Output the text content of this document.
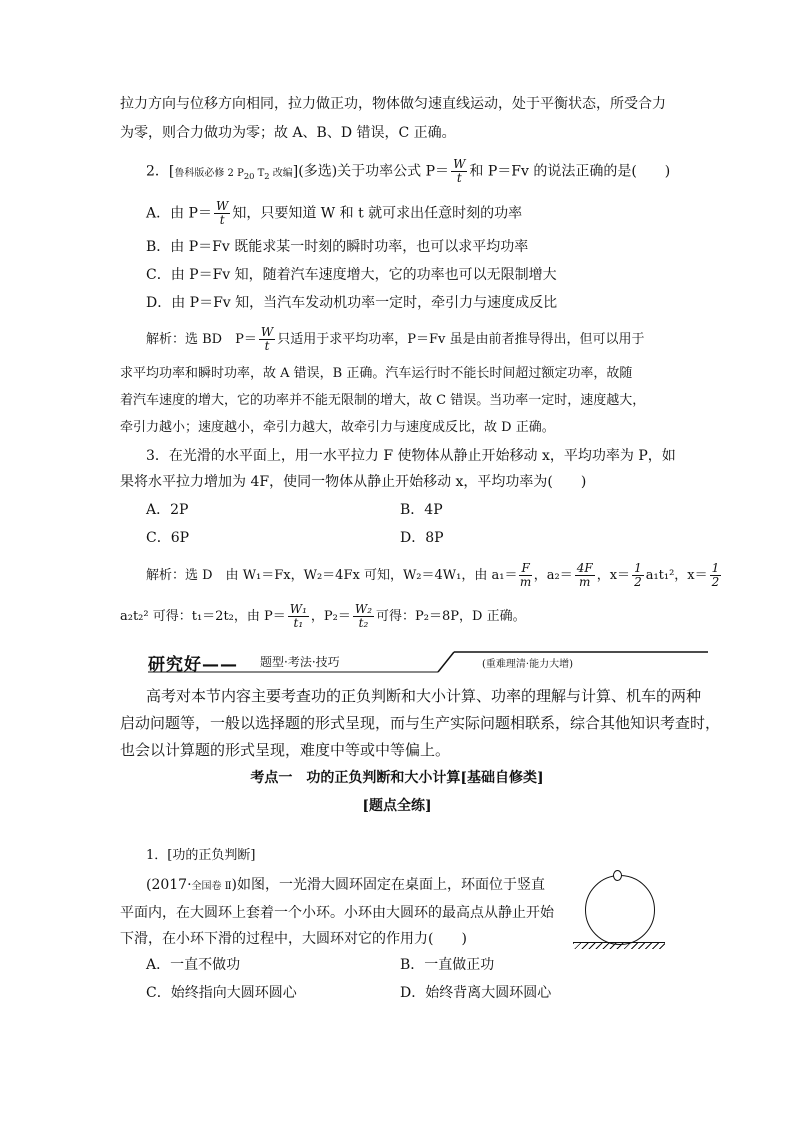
拉力方向与位移方向相同，拉力做正功，物体做匀速直线运动，处于平衡状态，所受合力
为零，则合力做功为零；故 A、B、D 错误，C 正确。
2．[鲁科版必修 2 $P_{20}$ $T_2$ 改编](多选)关于功率公式 $P= \frac{W}{t}$ 和 P＝Fv 的说法正确的是(　　)
A．由 $P= \frac{W}{t}$ 知，只要知道 W 和 t 就可求出任意时刻的功率
B．由 P＝Fv 既能求某一时刻的瞬时功率，也可以求平均功率
C．由 P＝Fv 知，随着汽车速度增大，它的功率也可以无限制增大
D．由 P＝Fv 知，当汽车发动机功率一定时，牵引力与速度成反比
解析：选 BD　$P= \frac{W}{t}$ 只适用于求平均功率，P＝Fv 虽是由前者推导得出，但可以用于
求平均功率和瞬时功率，故 A 错误，B 正确。汽车运行时不能长时间超过额定功率，故随
着汽车速度的增大，它的功率并不能无限制的增大，故 C 错误。当功率一定时，速度越大，
牵引力越小；速度越小，牵引力越大，故牵引力与速度成反比，故 D 正确。
3．在光滑的水平面上，用一水平拉力 F 使物体从静止开始移动 x，平均功率为 P，如
果将水平拉力增加为 4F，使同一物体从静止开始移动 x，平均功率为(　　)
A．2P	B．4P
C．6P	D．8P
解析：选 D　由 W₁＝Fx，W₂＝4Fx 可知，W₂＝4W₁，由 $a_1= \frac{F}{m}$ ，$a_2= \frac{4F}{m}$ ，$x= \frac{1}{2} a_1t_1^2$，$x= \frac{1}{2}$
a₂t₂² 可得：t₁＝2t₂，由 $P= \frac{\text{W₁}}{\text{t₁}}$ ，$P_2= \frac{\text{W₂}}{\text{t₂}}$ 可得：P₂＝8P，D 正确。
研究好—— 题型·考法·技巧	(重难理清·能力大增)
高考对本节内容主要考查功的正负判断和大小计算、功率的理解与计算、机车的两种
启动问题等，一般以选择题的形式呈现，而与生产实际问题相联系，综合其他知识考查时，
也会以计算题的形式呈现，难度中等或中等偏上。
考点一　功的正负判断和大小计算[基础自修类]
[题点全练]
1．[功的正负判断]
(2017·全国卷 Ⅱ)如图，一光滑大圆环固定在桌面上，环面位于竖直
平面内，在大圆环上套着一个小环。小环由大圆环的最高点从静止开始
下滑，在小环下滑的过程中，大圆环对它的作用力(　　)
A．一直不做功	B．一直做正功
C．始终指向大圆环圆心	D．始终背离大圆环圆心
